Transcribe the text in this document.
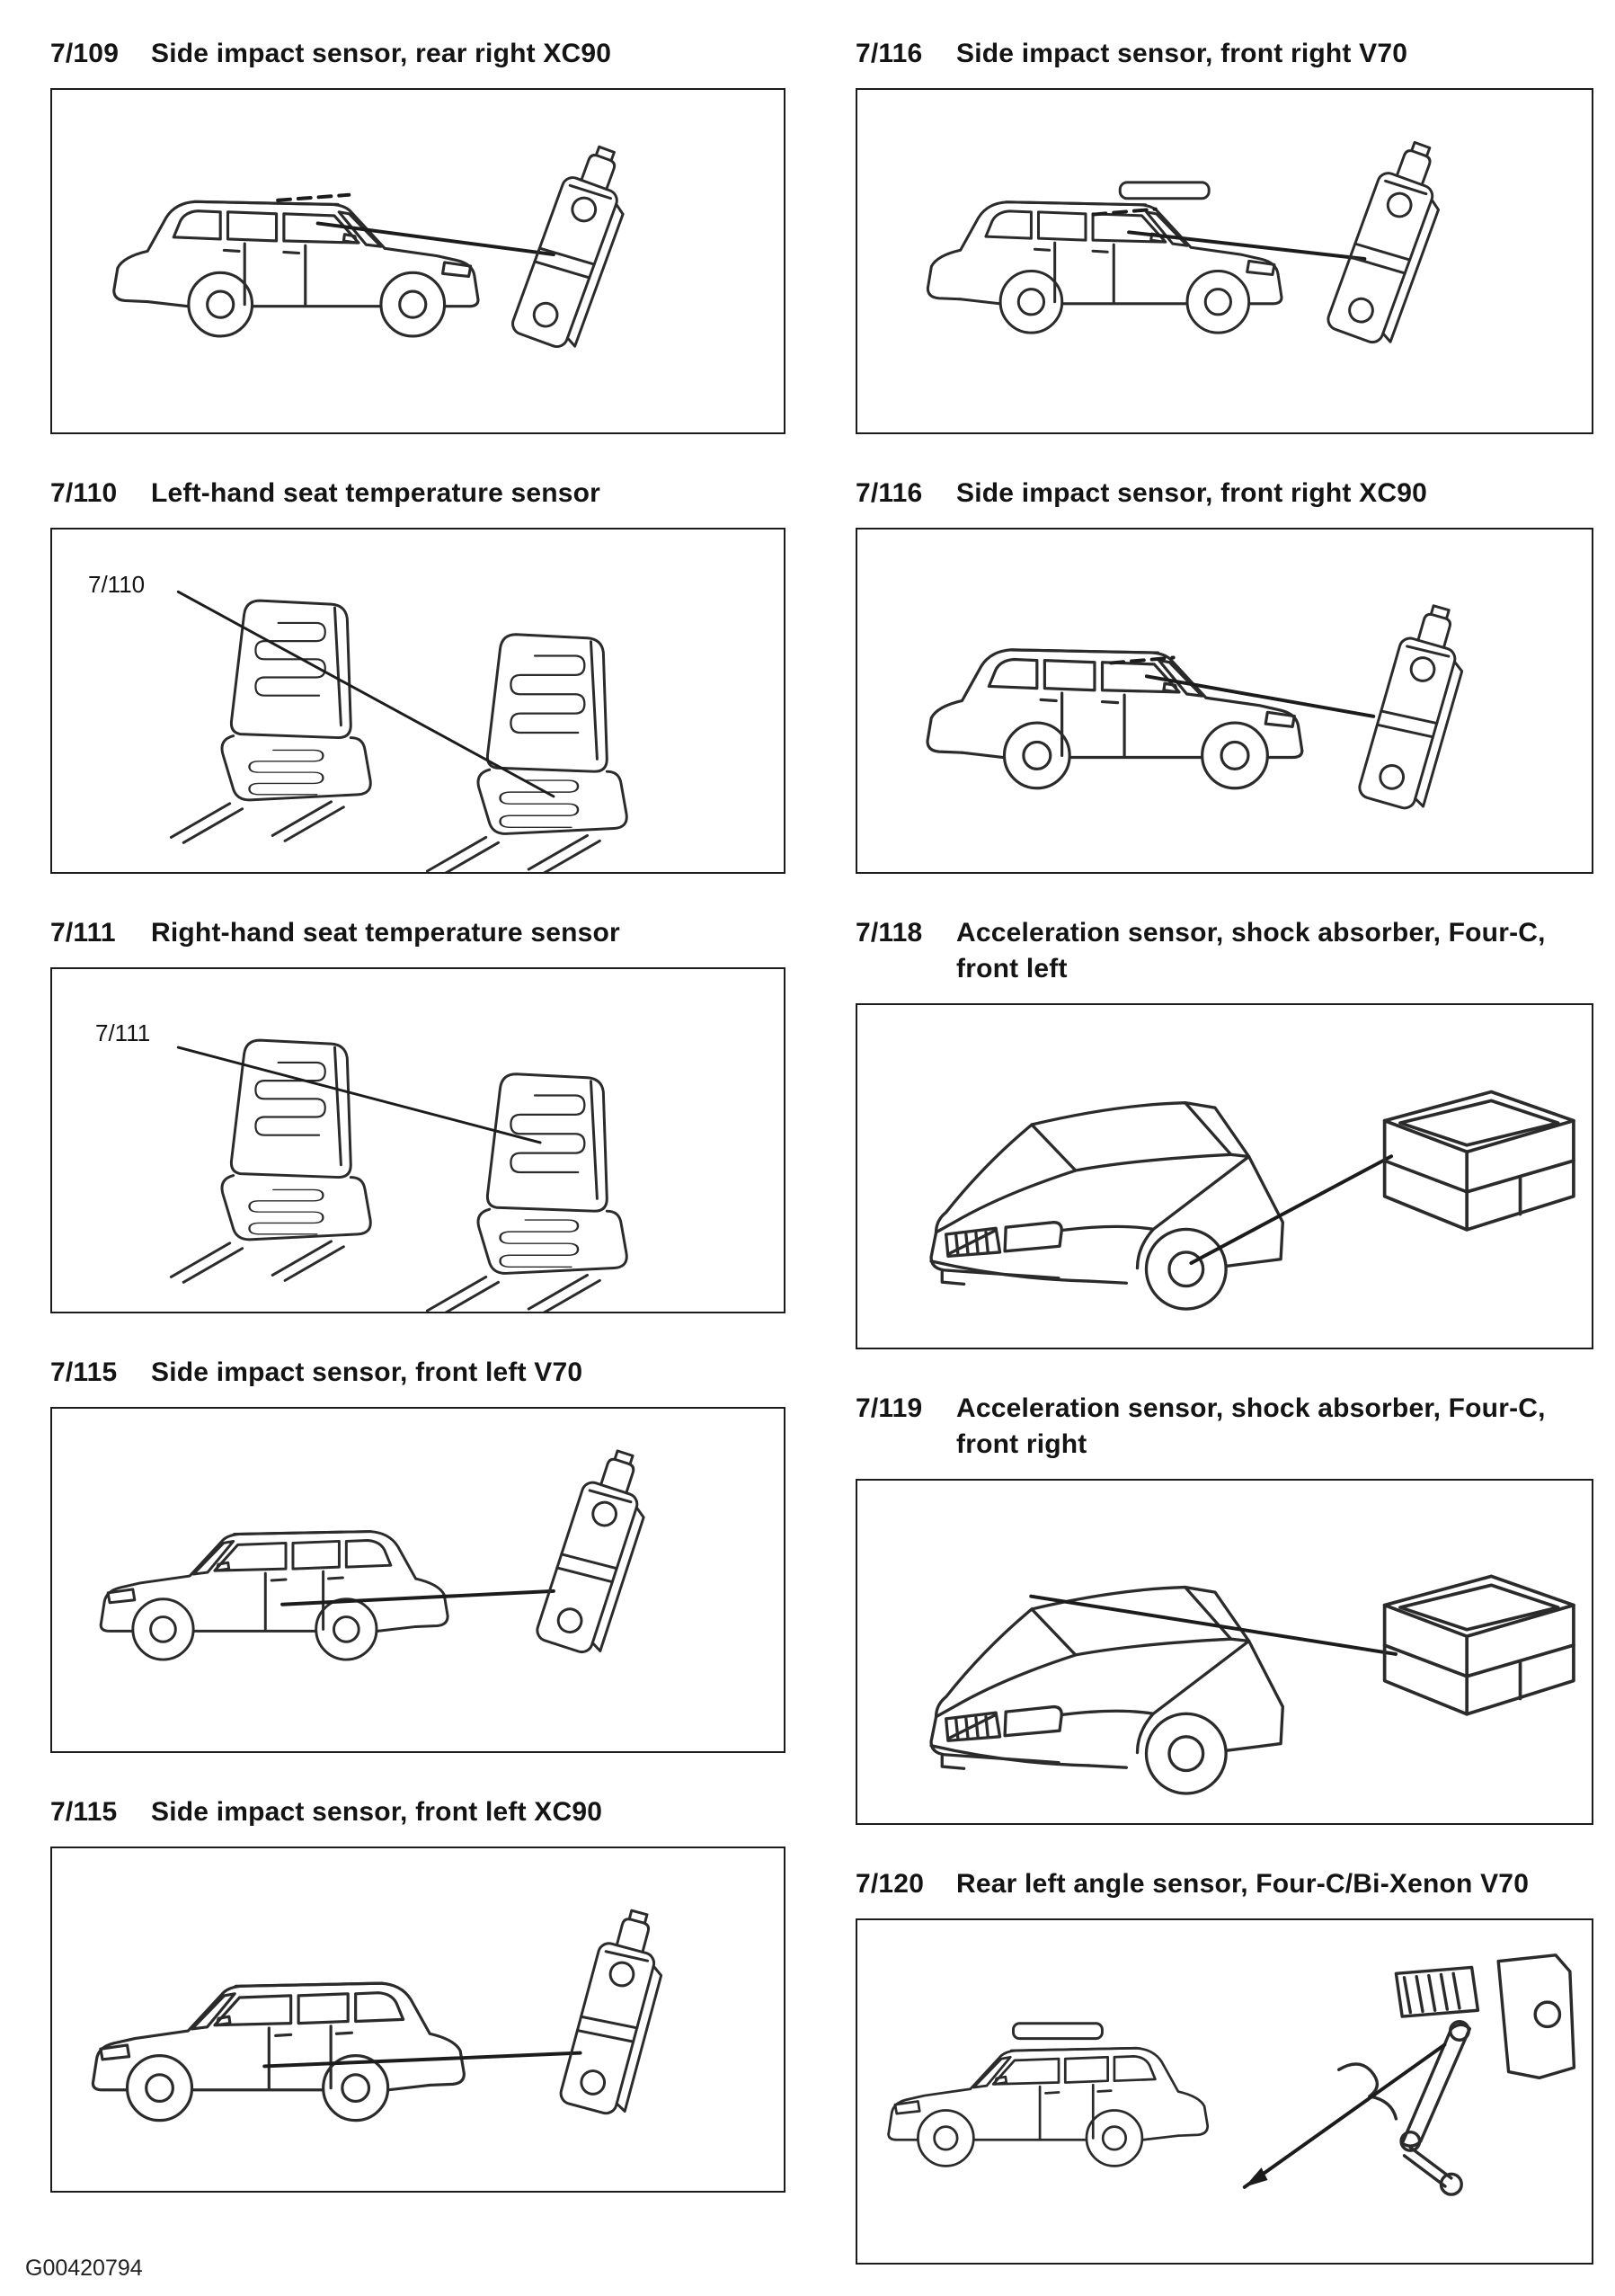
7/109	Side impact sensor, rear right XC90
7/110	Left-hand seat temperature sensor
7/110
7/111	Right-hand seat temperature sensor
7/111
7/115	Side impact sensor, front left V70
7/115	Side impact sensor, front left XC90
7/116	Side impact sensor, front right V70
7/116	Side impact sensor, front right XC90
7/118	Acceleration sensor, shock absorber, Four-C, front left
7/119	Acceleration sensor, shock absorber, Four-C, front right
7/120	Rear left angle sensor, Four-C/Bi-Xenon V70
G00420794
